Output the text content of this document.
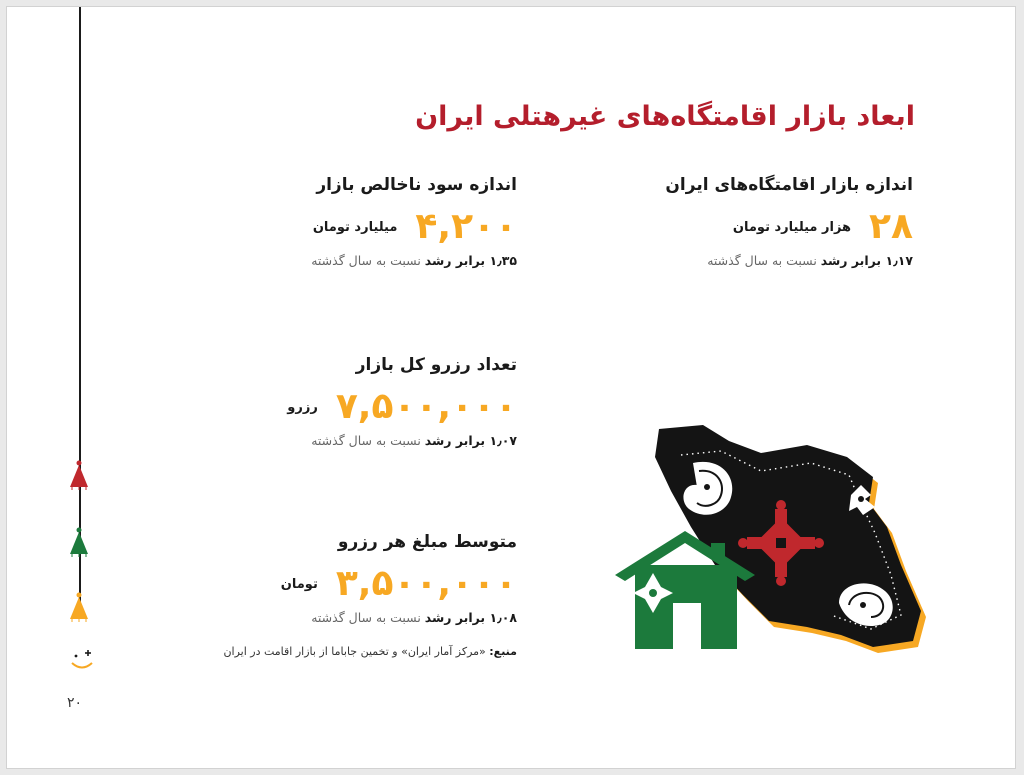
۲۰
ابعاد بازار اقامتگاه‌های غیرهتلی ایران
اندازه بازار اقامتگاه‌های ایران
۲۸
هزار میلیارد تومان
۱٫۱۷ برابر رشد نسبت به سال گذشته
اندازه سود ناخالص بازار
۴,۲۰۰
میلیارد تومان
۱٫۳۵ برابر رشد نسبت به سال گذشته
تعداد رزرو کل بازار
۷,۵۰۰,۰۰۰
رزرو
۱٫۰۷ برابر رشد نسبت به سال گذشته
متوسط مبلغ هر رزرو
۳,۵۰۰,۰۰۰
تومان
۱٫۰۸ برابر رشد نسبت به سال گذشته
منبع: «مرکز آمار ایران» و تخمین جاباما از بازار اقامت در ایران
